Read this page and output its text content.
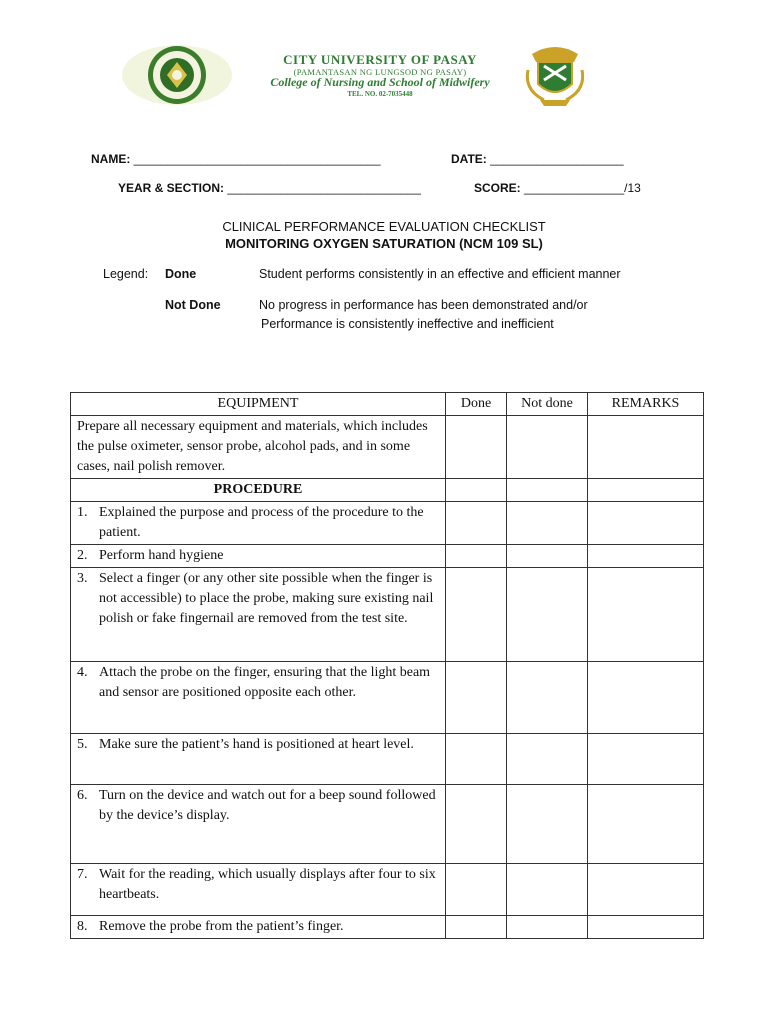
CITY UNIVERSITY OF PASAY
(PAMANTASAN NG LUNGSOD NG PASAY)
College of Nursing and School of Midwifery
TEL. NO. 02-7035448
NAME: _____________________________________	DATE: ____________________
YEAR & SECTION: _____________________________	SCORE: _______________/13
CLINICAL PERFORMANCE EVALUATION CHECKLIST
MONITORING OXYGEN SATURATION (NCM 109 SL)
Legend: Done	Student performs consistently in an effective and efficient manner
Not Done	No progress in performance has been demonstrated and/or
Performance is consistently ineffective and inefficient
EQUIPMENT	Done	Not done	REMARKS
Prepare all necessary equipment and materials, which includes the pulse oximeter, sensor probe, alcohol pads, and in some cases, nail polish remover.			
PROCEDURE			

1. Explained the purpose and process of the procedure to the patient.			

2. Perform hand hygiene			

3. Select a finger (or any other site possible when the finger is not accessible) to place the probe, making sure existing nail polish or fake fingernail are removed from the test site.			

4. Attach the probe on the finger, ensuring that the light beam and sensor are positioned opposite each other.			

5. Make sure the patient’s hand is positioned at heart level.			

6. Turn on the device and watch out for a beep sound followed by the device’s display.			

7. Wait for the reading, which usually displays after four to six heartbeats.			

8. Remove the probe from the patient’s finger.			
